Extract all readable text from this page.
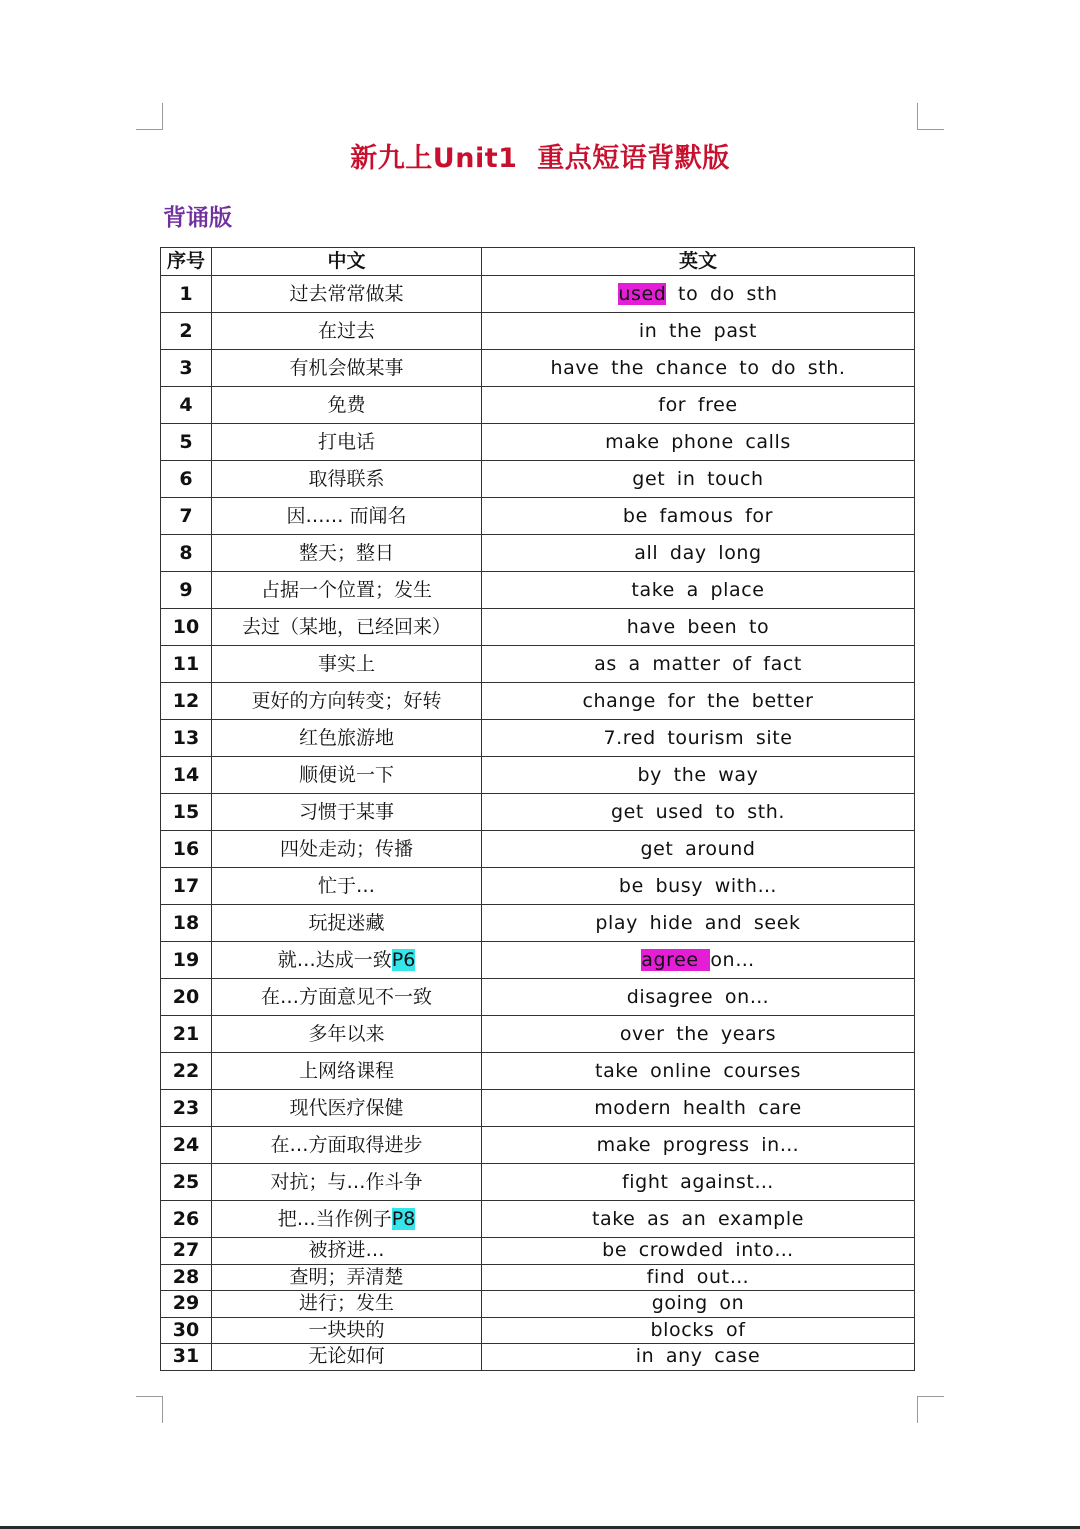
新九上Unit1  重点短语背默版
背诵版
序号	中文	英文
1	过去常常做某	used to do sth
2	在过去	in the past
3	有机会做某事	have the chance to do sth.
4	免费	for free
5	打电话	make phone calls
6	取得联系	get in touch
7	因…… 而闻名	be famous for
8	整天；整日	all day long
9	占据一个位置；发生	take a place
10	去过（某地，已经回来）	have been to
11	事实上	as a matter of fact
12	更好的方向转变；好转	change for the better
13	红色旅游地	7.red tourism site
14	顺便说一下	by the way
15	习惯于某事	get used to sth.
16	四处走动；传播	get around
17	忙于…	be busy with…
18	玩捉迷藏	play hide and seek
19	就…达成一致P6	agree on…
20	在…方面意见不一致	disagree on…
21	多年以来	over the years
22	上网络课程	take online courses
23	现代医疗保健	modern health care
24	在…方面取得进步	make progress in…
25	对抗；与…作斗争	fight against…
26	把…当作例子P8	take as an example
27	被挤进…	be crowded into…
28	查明；弄清楚	find out…
29	进行；发生	going on
30	一块块的	blocks of
31	无论如何	in any case
